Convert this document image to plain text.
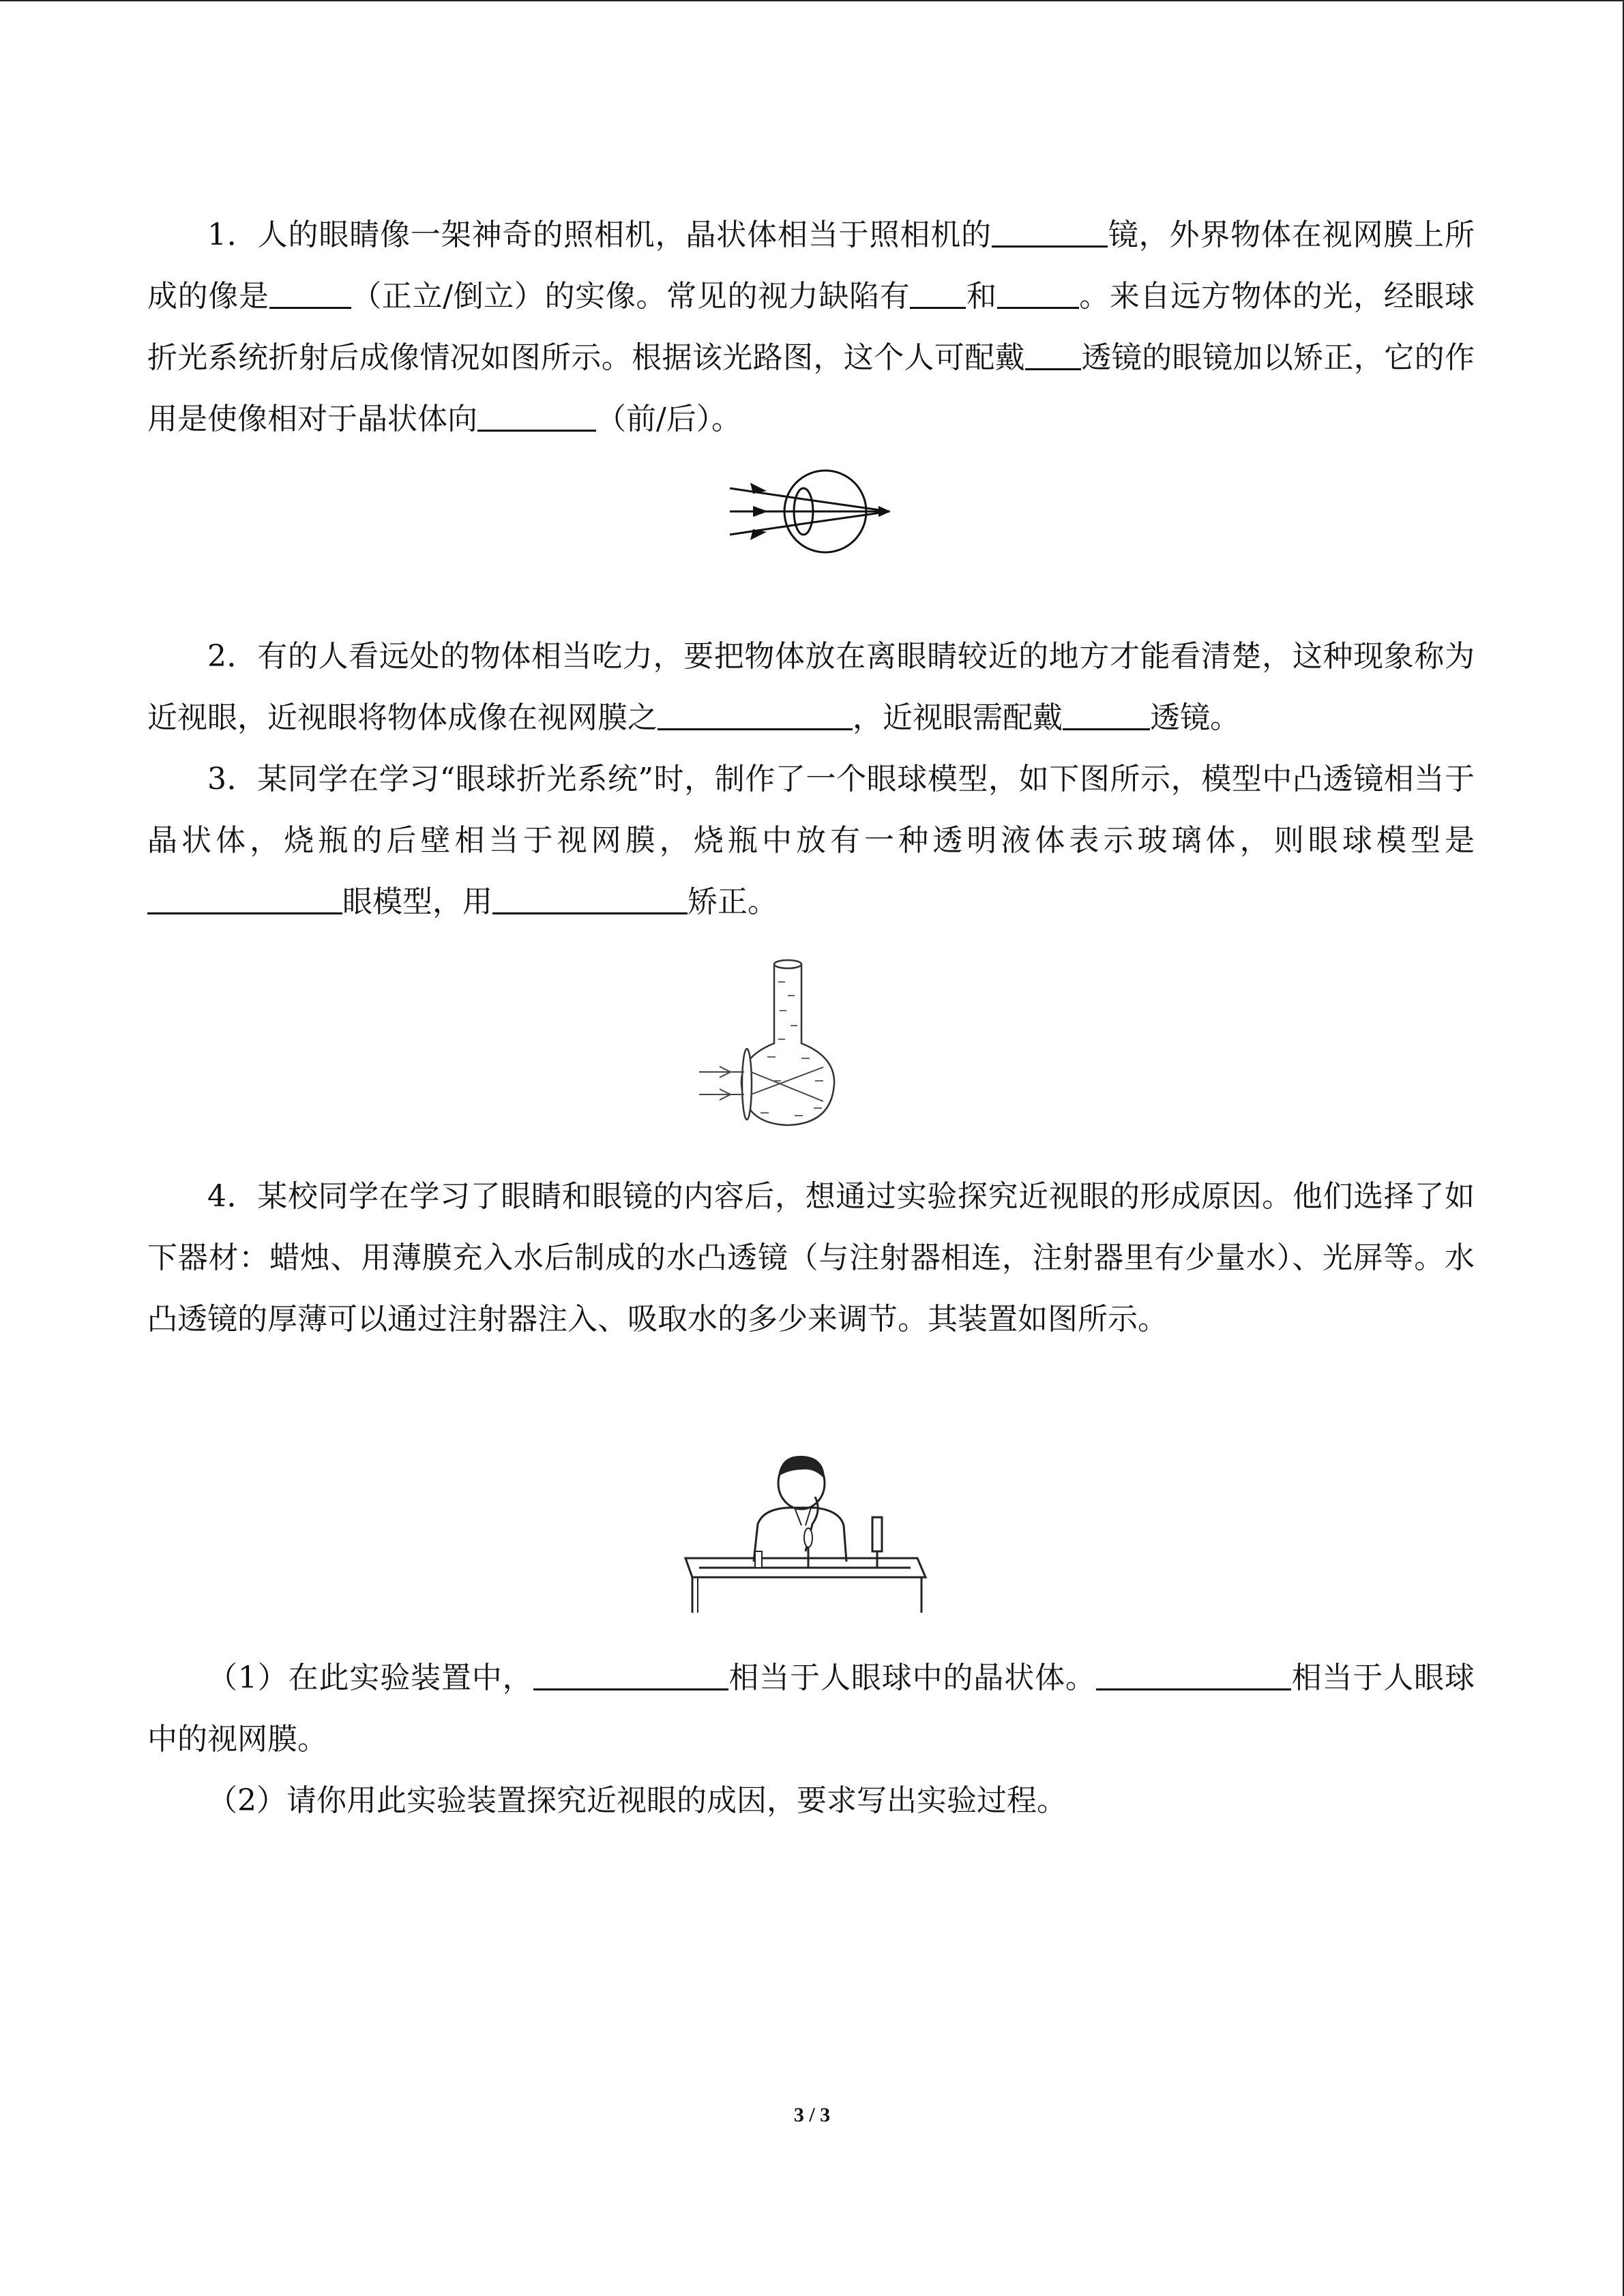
1．人的眼睛像一架神奇的照相机，晶状体相当于照相机的	镜，外界物体在视网膜上所成的像是	（正立/倒立）的实像。常见的视力缺陷有 和	。来自远方物体的光，经眼球折光系统折射后成像情况如图所示。根据该光路图，这个人可配戴 透镜的眼镜加以矫正，它的作用是使像相对于晶状体向	（前/后）。

2．有的人看远处的物体相当吃力，要把物体放在离眼睛较近的地方才能看清楚，这种现象称为近视眼，近视眼将物体成像在视网膜之	，近视眼需配戴	透镜。

3．某同学在学习“眼球折光系统”时，制作了一个眼球模型，如下图所示，模型中凸透镜相当于晶状体，烧瓶的后壁相当于视网膜，烧瓶中放有一种透明液体表示玻璃体，则眼球模型是眼模型，用	矫正。

4．某校同学在学习了眼睛和眼镜的内容后，想通过实验探究近视眼的形成原因。他们选择了如下器材：蜡烛、用薄膜充入水后制成的水凸透镜（与注射器相连，注射器里有少量水）、光屏等。水凸透镜的厚薄可以通过注射器注入、吸取水的多少来调节。其装置如图所示。

（1）在此实验装置中，	相当于人眼球中的晶状体。	相当于人眼球中的视网膜。

（2）请你用此实验装置探究近视眼的成因，要求写出实验过程。

3 / 3
